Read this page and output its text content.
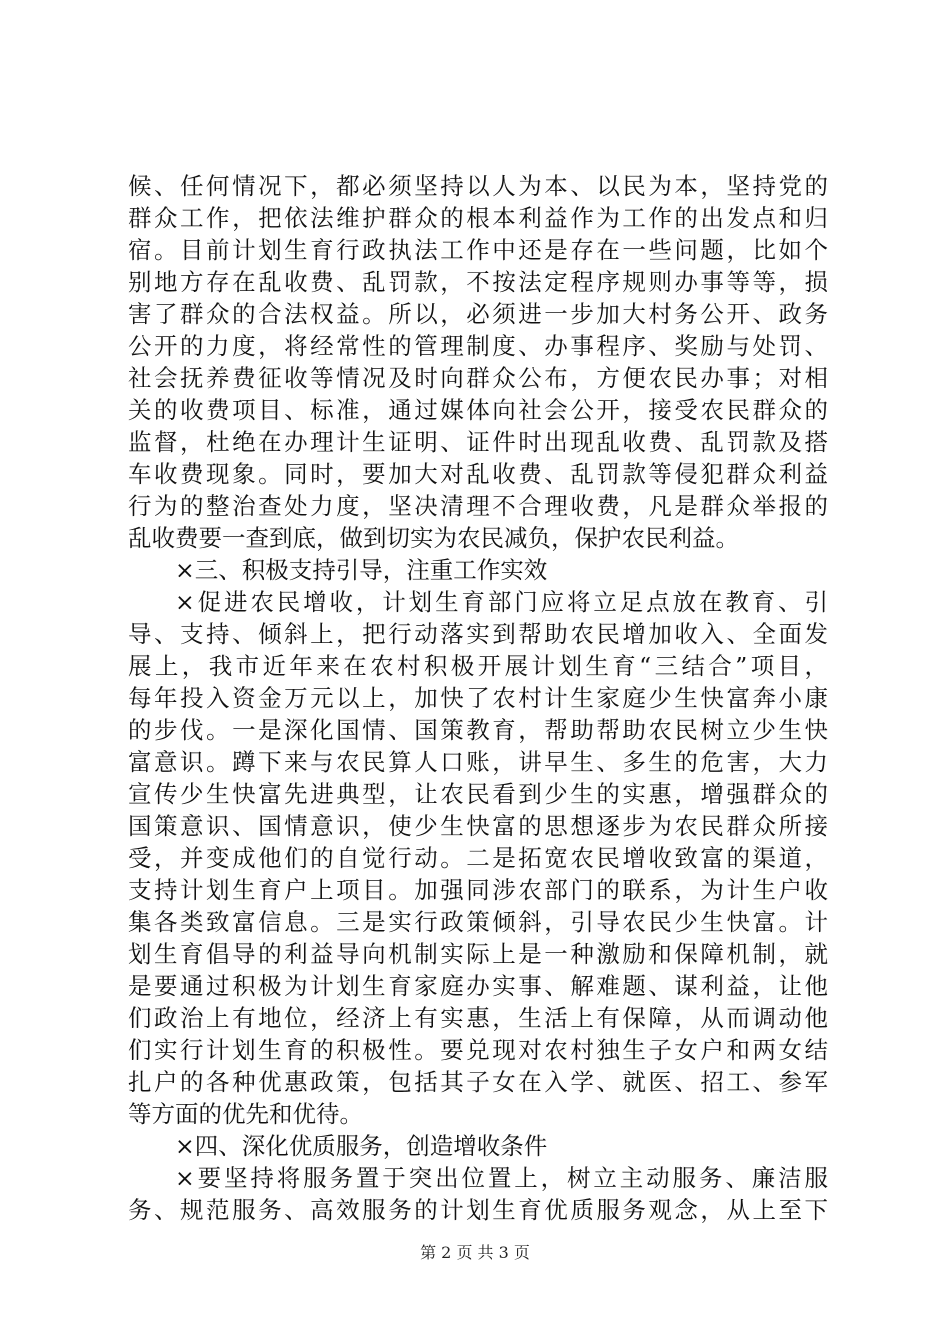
候、任何情况下，都必须坚持以人为本、以民为本，坚持党的
群众工作，把依法维护群众的根本利益作为工作的出发点和归
宿。目前计划生育行政执法工作中还是存在一些问题，比如个
别地方存在乱收费、乱罚款，不按法定程序规则办事等等，损
害了群众的合法权益。所以，必须进一步加大村务公开、政务
公开的力度，将经常性的管理制度、办事程序、奖励与处罚、
社会抚养费征收等情况及时向群众公布，方便农民办事；对相
关的收费项目、标准，通过媒体向社会公开，接受农民群众的
监督，杜绝在办理计生证明、证件时出现乱收费、乱罚款及搭
车收费现象。同时，要加大对乱收费、乱罚款等侵犯群众利益
行为的整治查处力度，坚决清理不合理收费，凡是群众举报的
乱收费要一查到底，做到切实为农民减负，保护农民利益。
×三、积极支持引导，注重工作实效
×促进农民增收，计划生育部门应将立足点放在教育、引
导、支持、倾斜上，把行动落实到帮助农民增加收入、全面发
展上，我市近年来在农村积极开展计划生育“三结合”项目，
每年投入资金万元以上，加快了农村计生家庭少生快富奔小康
的步伐。一是深化国情、国策教育，帮助帮助农民树立少生快
富意识。蹲下来与农民算人口账，讲早生、多生的危害，大力
宣传少生快富先进典型，让农民看到少生的实惠，增强群众的
国策意识、国情意识，使少生快富的思想逐步为农民群众所接
受，并变成他们的自觉行动。二是拓宽农民增收致富的渠道，
支持计划生育户上项目。加强同涉农部门的联系，为计生户收
集各类致富信息。三是实行政策倾斜，引导农民少生快富。计
划生育倡导的利益导向机制实际上是一种激励和保障机制，就
是要通过积极为计划生育家庭办实事、解难题、谋利益，让他
们政治上有地位，经济上有实惠，生活上有保障，从而调动他
们实行计划生育的积极性。要兑现对农村独生子女户和两女结
扎户的各种优惠政策，包括其子女在入学、就医、招工、参军
等方面的优先和优待。
×四、深化优质服务，创造增收条件
×要坚持将服务置于突出位置上，树立主动服务、廉洁服
务、规范服务、高效服务的计划生育优质服务观念，从上至下
第 2 页 共 3 页
